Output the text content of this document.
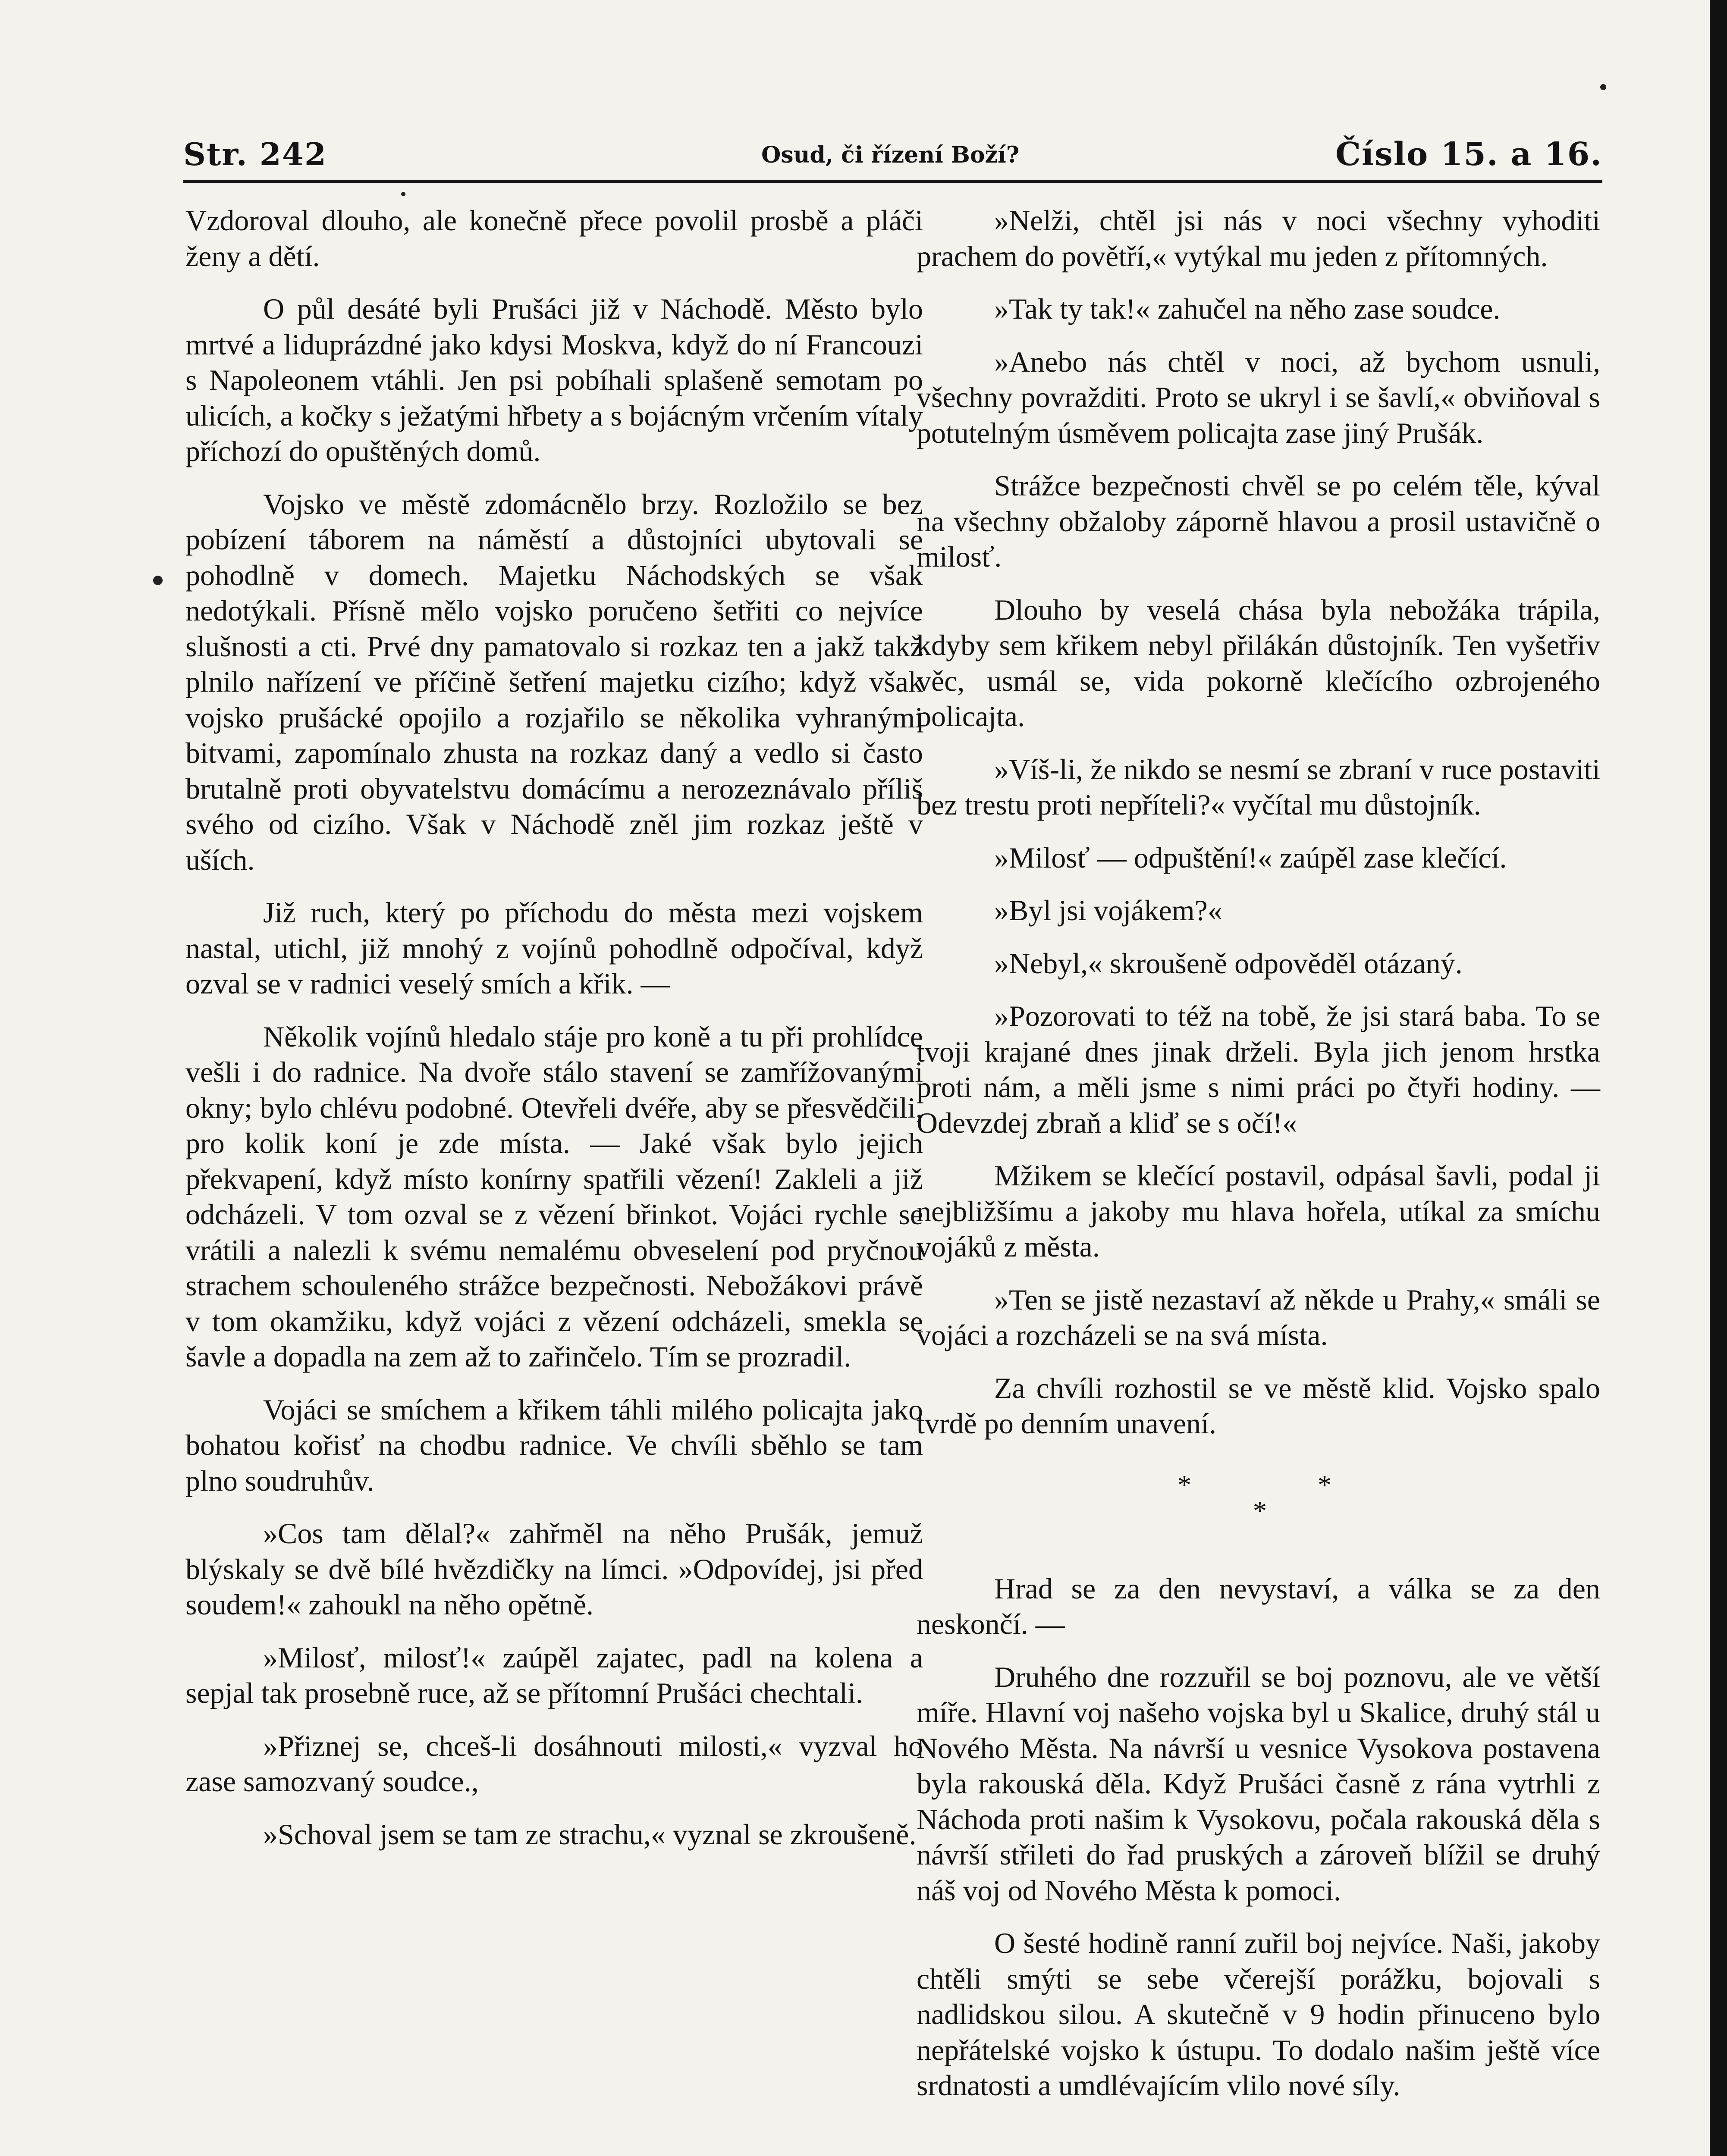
Str. 242	Osud, či řízení Boží?	Číslo 15. a 16.

Vzdoroval dlouho, ale konečně přece povolil prosbě a pláči ženy a dětí.

O půl desáté byli Prušáci již v Náchodě. Město bylo mrtvé a liduprázdné jako kdysi Moskva, když do ní Francouzi s Napoleonem vtáhli. Jen psi pobíhali splašeně semotam po ulicích, a kočky s ježatými hřbety a s bojácným vrčením vítaly příchozí do opuštěných domů.

Vojsko ve městě zdomácnělo brzy. Rozložilo se bez pobízení táborem na náměstí a důstojníci ubytovali se pohodlně v domech. Majetku Náchodských se však nedotýkali. Přísně mělo vojsko poručeno šetřiti co nejvíce slušnosti a cti. Prvé dny pamatovalo si rozkaz ten a jakž takž plnilo nařízení ve příčině šetření majetku cizího; když však vojsko prušácké opojilo a rozjařilo se několika vyhranými bitvami, zapomínalo zhusta na rozkaz daný a vedlo si často brutalně proti obyvatelstvu domácímu a nerozeznávalo příliš svého od cizího. Však v Náchodě zněl jim rozkaz ještě v uších.

Již ruch, který po příchodu do města mezi vojskem nastal, utichl, již mnohý z vojínů pohodlně odpočíval, když ozval se v radnici veselý smích a křik. —

Několik vojínů hledalo stáje pro koně a tu při prohlídce vešli i do radnice. Na dvoře stálo stavení se zamřížovanými okny; bylo chlévu podobné. Otevřeli dvéře, aby se přesvědčili, pro kolik koní je zde místa. — Jaké však bylo jejich překvapení, když místo konírny spatřili vězení! Zakleli a již odcházeli. V tom ozval se z vězení břinkot. Vojáci rychle se vrátili a nalezli k svému nemalému obveselení pod pryčnou strachem schouleného strážce bezpečnosti. Nebožákovi právě v tom okamžiku, když vojáci z vězení odcházeli, smekla se šavle a dopadla na zem až to zařinčelo. Tím se prozradil.

Vojáci se smíchem a křikem táhli milého policajta jako bohatou kořisť na chodbu radnice. Ve chvíli sběhlo se tam plno soudruhův.

»Cos tam dělal?« zahřměl na něho Prušák, jemuž blýskaly se dvě bílé hvězdičky na límci. »Odpovídej, jsi před soudem!« zahoukl na něho opětně.

»Milosť, milosť!« zaúpěl zajatec, padl na kolena a sepjal tak prosebně ruce, až se přítomní Prušáci chechtali.

»Přiznej se, chceš-li dosáhnouti milosti,« vyzval ho zase samozvaný soudce.,

»Schoval jsem se tam ze strachu,« vyznal se zkroušeně.

»Nelži, chtěl jsi nás v noci všechny vyhoditi prachem do povětří,« vytýkal mu jeden z přítomných.

»Tak ty tak!« zahučel na něho zase soudce.

»Anebo nás chtěl v noci, až bychom usnuli, všechny povražditi. Proto se ukryl i se šavlí,« obviňoval s potutelným úsměvem policajta zase jiný Prušák.

Strážce bezpečnosti chvěl se po celém těle, kýval na všechny obžaloby záporně hlavou a prosil ustavičně o milosť.

Dlouho by veselá chása byla nebožáka trápila, kdyby sem křikem nebyl přilákán důstojník. Ten vyšetřiv věc, usmál se, vida pokorně klečícího ozbrojeného policajta.

»Víš-li, že nikdo se nesmí se zbraní v ruce postaviti bez trestu proti nepříteli?« vyčítal mu důstojník.

»Milosť — odpuštění!« zaúpěl zase klečící.

»Byl jsi vojákem?«

»Nebyl,« skroušeně odpověděl otázaný.

»Pozorovati to též na tobě, že jsi stará baba. To se tvoji krajané dnes jinak drželi. Byla jich jenom hrstka proti nám, a měli jsme s nimi práci po čtyři hodiny. — Odevzdej zbraň a kliď se s očí!«

Mžikem se klečící postavil, odpásal šavli, podal ji nejbližšímu a jakoby mu hlava hořela, utíkal za smíchu vojáků z města.

»Ten se jistě nezastaví až někde u Prahy,« smáli se vojáci a rozcházeli se na svá místa.

Za chvíli rozhostil se ve městě klid. Vojsko spalo tvrdě po denním unavení.

*
*
*

Hrad se za den nevystaví, a válka se za den neskončí. —

Druhého dne rozzuřil se boj poznovu, ale ve větší míře. Hlavní voj našeho vojska byl u Skalice, druhý stál u Nového Města. Na návrší u vesnice Vysokova postavena byla rakouská děla. Když Prušáci časně z rána vytrhli z Náchoda proti našim k Vysokovu, počala rakouská děla s návrší střileti do řad pruských a zároveň blížil se druhý náš voj od Nového Města k pomoci.

O šesté hodině ranní zuřil boj nejvíce. Naši, jakoby chtěli smýti se sebe včerejší porážku, bojovali s nadlidskou silou. A skutečně v 9 hodin přinuceno bylo nepřátelské vojsko k ústupu. To dodalo našim ještě více srdnatosti a umdlévajícím vlilo nové síly.
